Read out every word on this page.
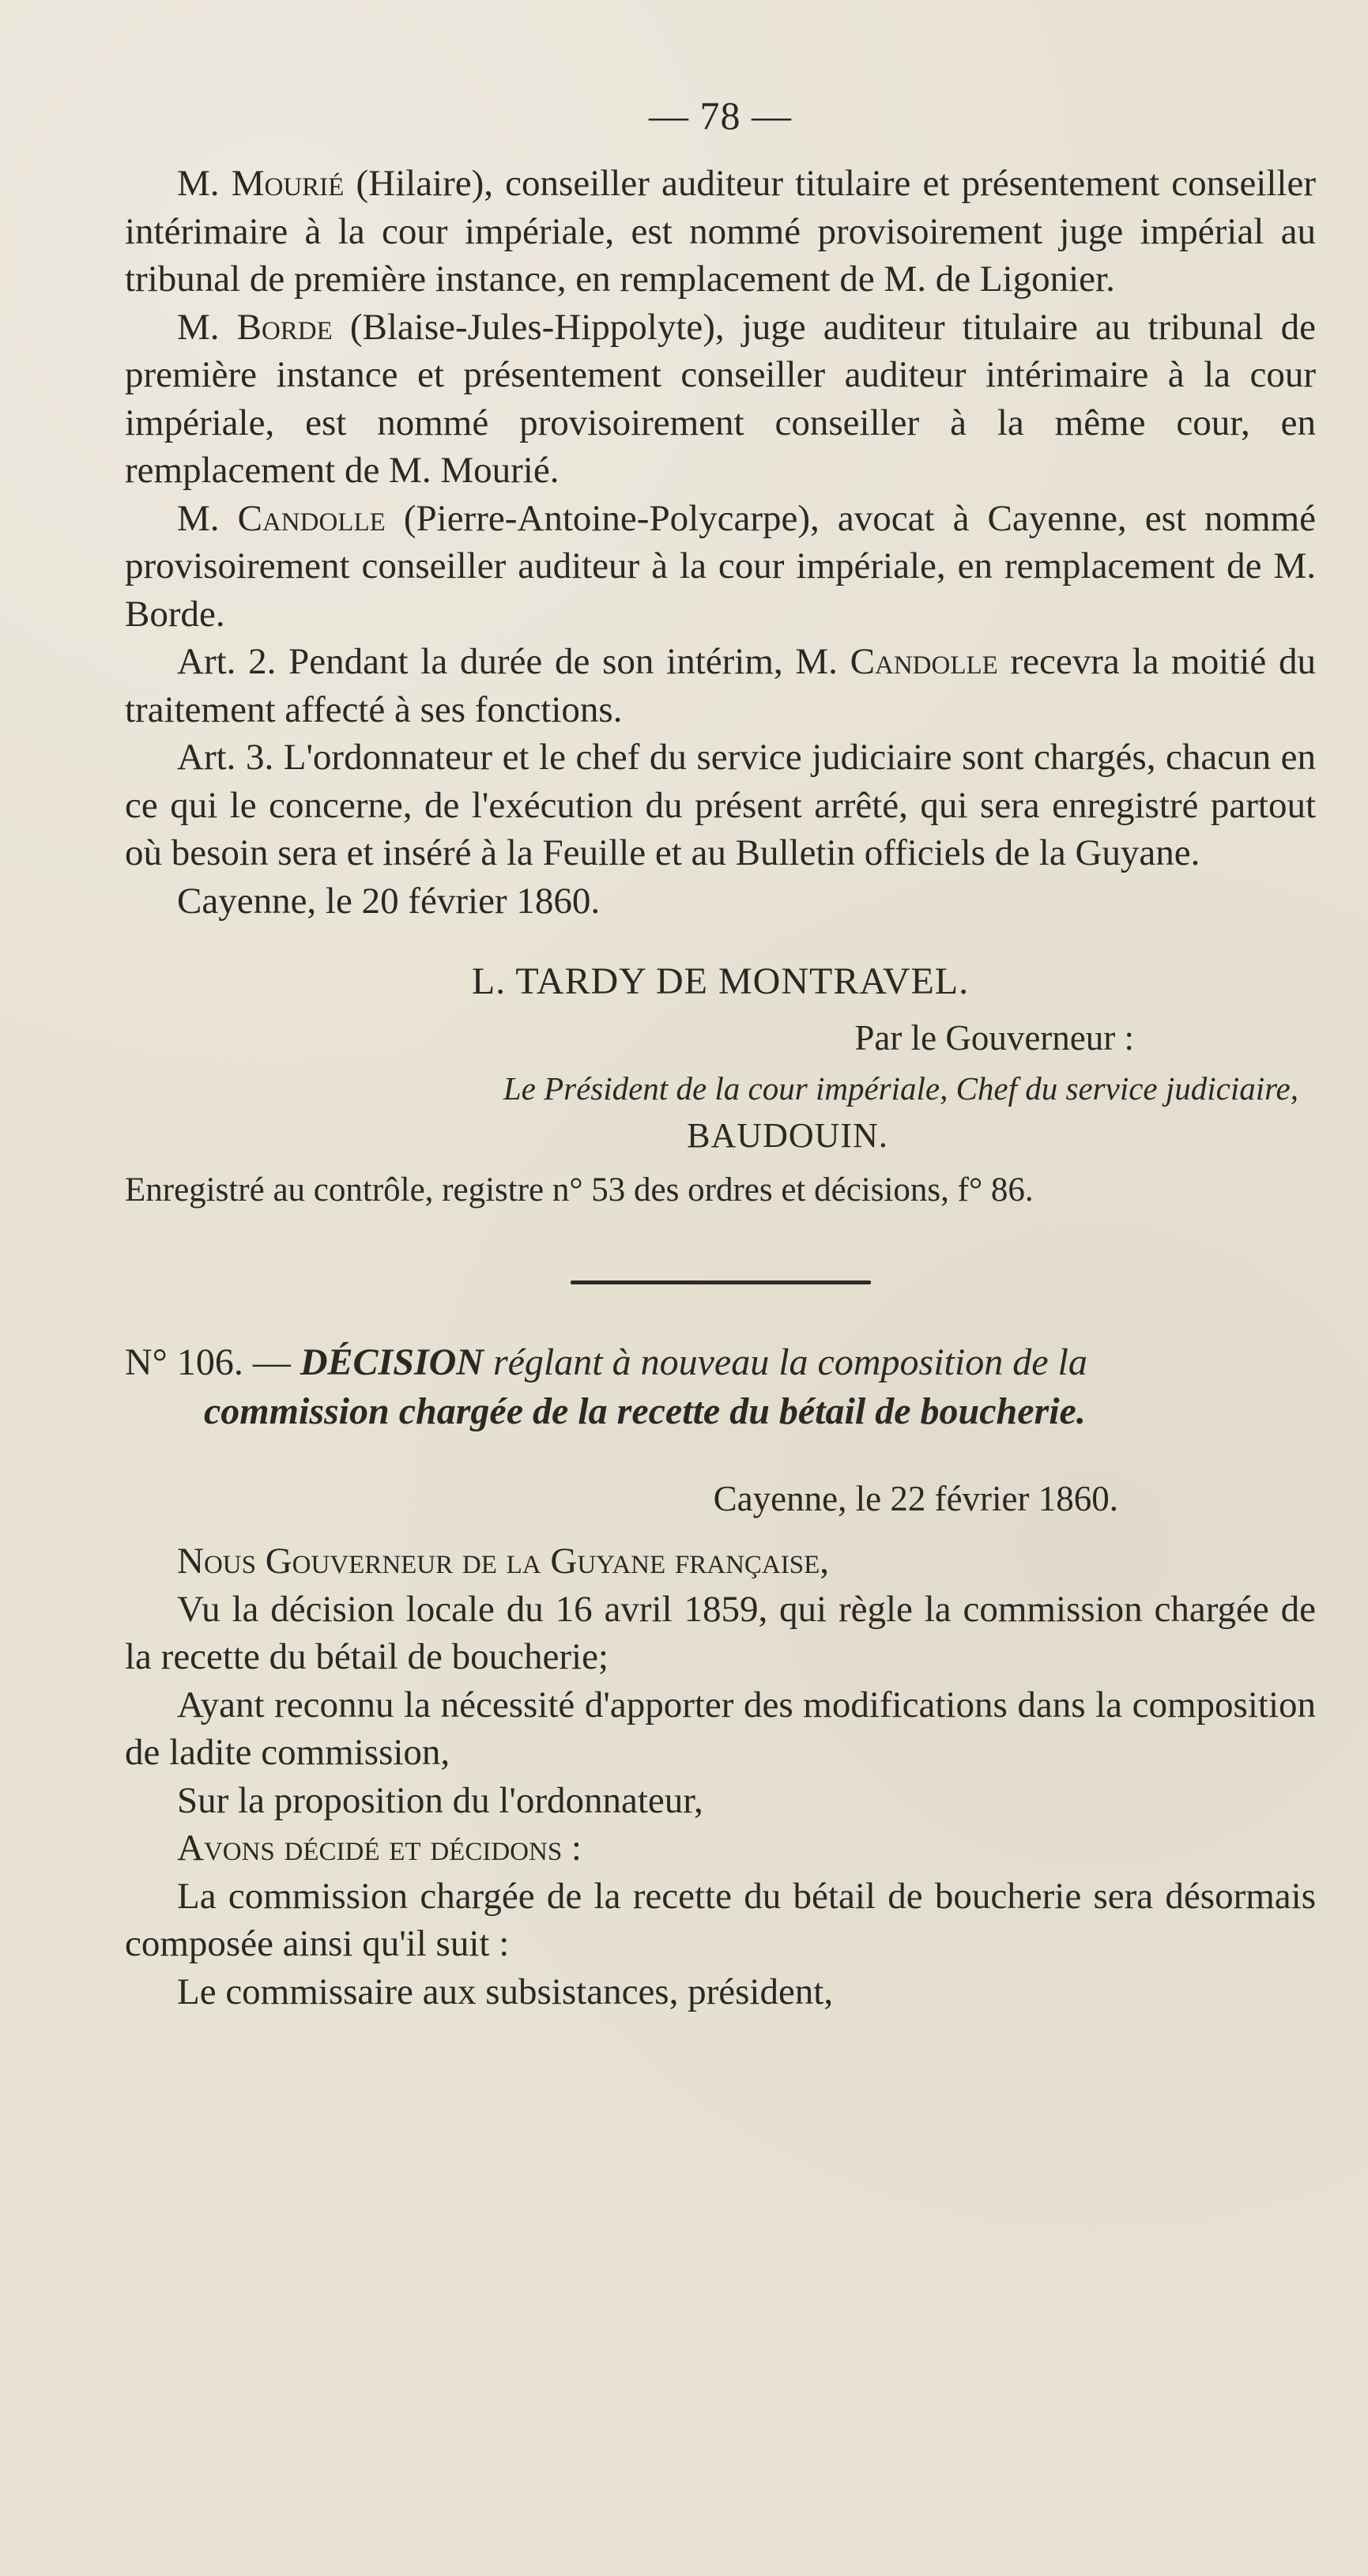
— 78 —

M. Mourié (Hilaire), conseiller auditeur titulaire et présentement conseiller intérimaire à la cour impériale, est nommé provisoirement juge impérial au tribunal de première instance, en remplacement de M. de Ligonier.

M. Borde (Blaise-Jules-Hippolyte), juge auditeur titulaire au tribunal de première instance et présentement conseiller auditeur intérimaire à la cour impériale, est nommé provisoirement conseiller à la même cour, en remplacement de M. Mourié.

M. Candolle (Pierre-Antoine-Polycarpe), avocat à Cayenne, est nommé provisoirement conseiller auditeur à la cour impériale, en remplacement de M. Borde.

Art. 2. Pendant la durée de son intérim, M. Candolle recevra la moitié du traitement affecté à ses fonctions.

Art. 3. L'ordonnateur et le chef du service judiciaire sont chargés, chacun en ce qui le concerne, de l'exécution du présent arrêté, qui sera enregistré partout où besoin sera et inséré à la Feuille et au Bulletin officiels de la Guyane.

Cayenne, le 20 février 1860.

L. TARDY DE MONTRAVEL.
Par le Gouverneur :
Le Président de la cour impériale, Chef du service judiciaire,
BAUDOUIN.
Enregistré au contrôle, registre n° 53 des ordres et décisions, f° 86.
N° 106. — DÉCISION réglant à nouveau la composition de la
commission chargée de la recette du bétail de boucherie.
Cayenne, le 22 février 1860.

Nous Gouverneur de la Guyane française,

Vu la décision locale du 16 avril 1859, qui règle la commission chargée de la recette du bétail de boucherie;

Ayant reconnu la nécessité d'apporter des modifications dans la composition de ladite commission,

Sur la proposition du l'ordonnateur,

Avons décidé et décidons :

La commission chargée de la recette du bétail de boucherie sera désormais composée ainsi qu'il suit :

Le commissaire aux subsistances, président,
